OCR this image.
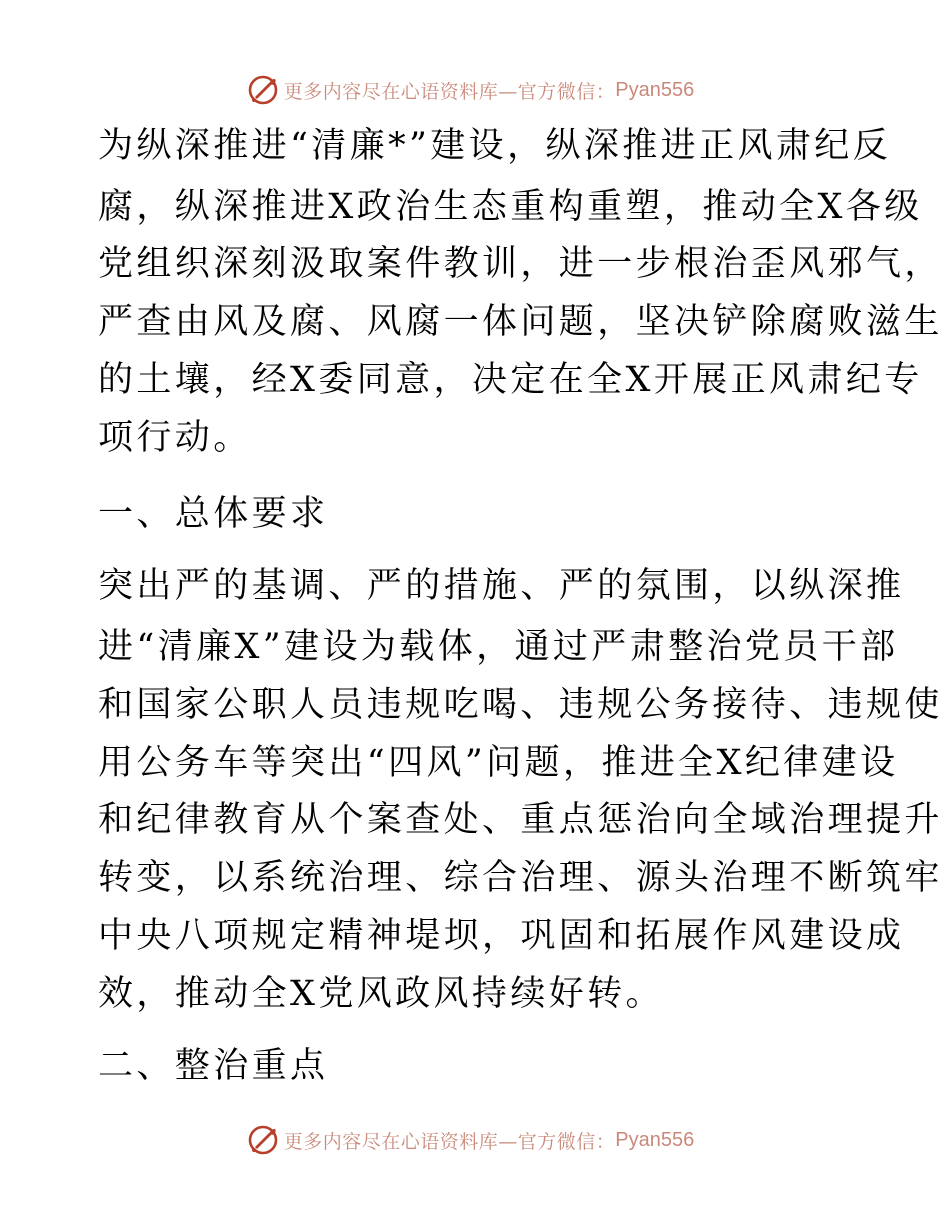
更多内容尽在心语资料库—官方微信： Pyan556
为纵深推进“清廉*”建设，纵深推进正风肃纪反
腐，纵深推进X政治生态重构重塑，推动全X各级
党组织深刻汲取案件教训，进一步根治歪风邪气，
严查由风及腐、风腐一体问题，坚决铲除腐败滋生
的土壤，经X委同意，决定在全X开展正风肃纪专
项行动。
一、总体要求
突出严的基调、严的措施、严的氛围，以纵深推
进“清廉X”建设为载体，通过严肃整治党员干部
和国家公职人员违规吃喝、违规公务接待、违规使
用公务车等突出“四风”问题，推进全X纪律建设
和纪律教育从个案查处、重点惩治向全域治理提升
转变，以系统治理、综合治理、源头治理不断筑牢
中央八项规定精神堤坝，巩固和拓展作风建设成
效，推动全X党风政风持续好转。
二、整治重点
更多内容尽在心语资料库—官方微信： Pyan556
